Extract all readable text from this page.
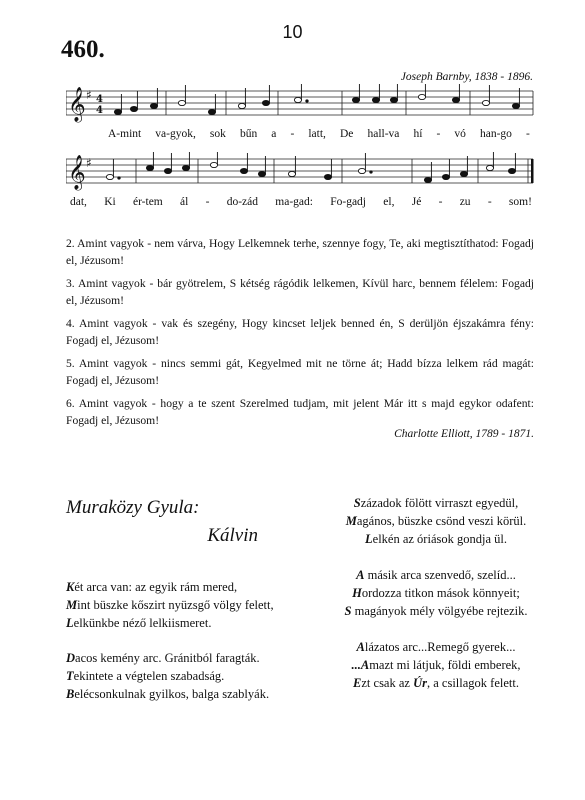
10
460.
Joseph Barnby, 1838 - 1896.
𝄞 ♯ 4
4
A-mint va-gyok, sok bűn a - latt, De hall-va hí - vó han-go -
𝄞 ♯
dat, Ki ér-tem ál - do-zád ma-gad: Fo-gadj el, Jé - zu - som!

2. Amint vagyok - nem várva, Hogy Lelkemnek terhe, szennye fogy, Te, aki megtisztíthatod: Fogadj el, Jézusom!

3. Amint vagyok - bár gyötrelem, S kétség rágódik lelkemen, Kívül harc, bennem félelem: Fogadj el, Jézusom!

4. Amint vagyok - vak és szegény, Hogy kincset leljek benned én, S derüljön éjszakámra fény: Fogadj el, Jézusom!

5. Amint vagyok - nincs semmi gát, Kegyelmed mit ne törne át; Hadd bízza lelkem rád magát: Fogadj el, Jézusom!

6. Amint vagyok - hogy a te szent Szerelmed tudjam, mit jelent Már itt s majd egykor odafent: Fogadj el, Jézusom!

Charlotte Elliott, 1789 - 1871.
Muraközy Gyula:
Kálvin
Két arca van: az egyik rám mered,
Mint büszke kőszirt nyüzsgő völgy felett,
Lelkünkbe néző lelkiismeret.
Dacos kemény arc. Gránitból faragták.
Tekintete a végtelen szabadság.
Belécsonkulnak gyilkos, balga szablyák.
Századok fölött virraszt egyedül,
Magános, büszke csönd veszi körül.
Lelkén az óriások gondja ül.
A másik arca szenvedő, szelíd...
Hordozza titkon mások könnyeit;
S magányok mély völgyébe rejtezik.
Alázatos arc...Remegő gyerek...
...Amazt mi látjuk, földi emberek,
Ezt csak az Úr, a csillagok felett.
